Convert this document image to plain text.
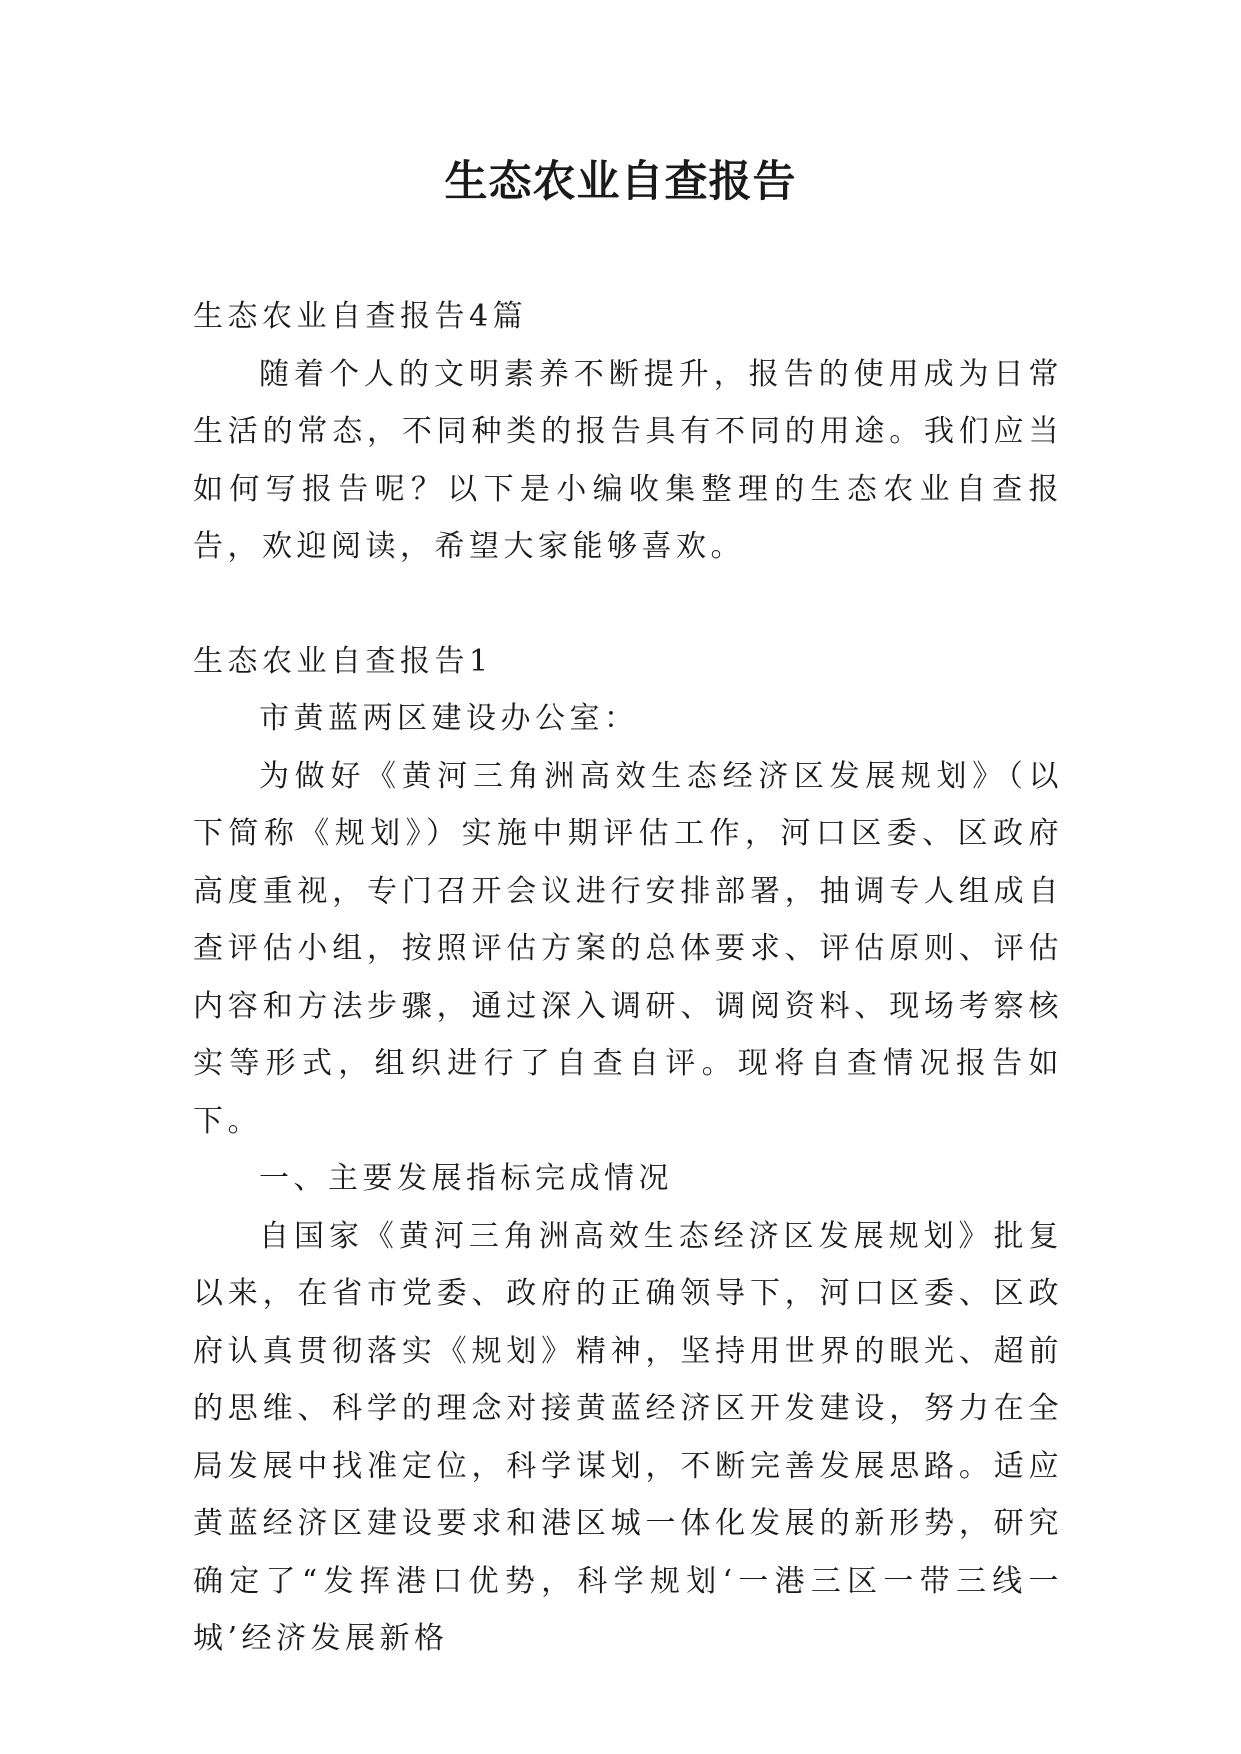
生态农业自查报告

生态农业自查报告4篇

随着个人的文明素养不断提升，报告的使用成为日常生活的常态，不同种类的报告具有不同的用途。我们应当如何写报告呢？以下是小编收集整理的生态农业自查报告，欢迎阅读，希望大家能够喜欢。

生态农业自查报告1

市黄蓝两区建设办公室：

为做好《黄河三角洲高效生态经济区发展规划》（以下简称《规划》）实施中期评估工作，河口区委、区政府高度重视，专门召开会议进行安排部署，抽调专人组成自查评估小组，按照评估方案的总体要求、评估原则、评估内容和方法步骤，通过深入调研、调阅资料、现场考察核实等形式，组织进行了自查自评。现将自查情况报告如下。

一、主要发展指标完成情况

自国家《黄河三角洲高效生态经济区发展规划》批复以来，在省市党委、政府的正确领导下，河口区委、区政府认真贯彻落实《规划》精神，坚持用世界的眼光、超前的思维、科学的理念对接黄蓝经济区开发建设，努力在全局发展中找准定位，科学谋划，不断完善发展思路。适应黄蓝经济区建设要求和港区城一体化发展的新形势，研究确定了“发挥港口优势，科学规划‘一港三区一带三线一城’经济发展新格
